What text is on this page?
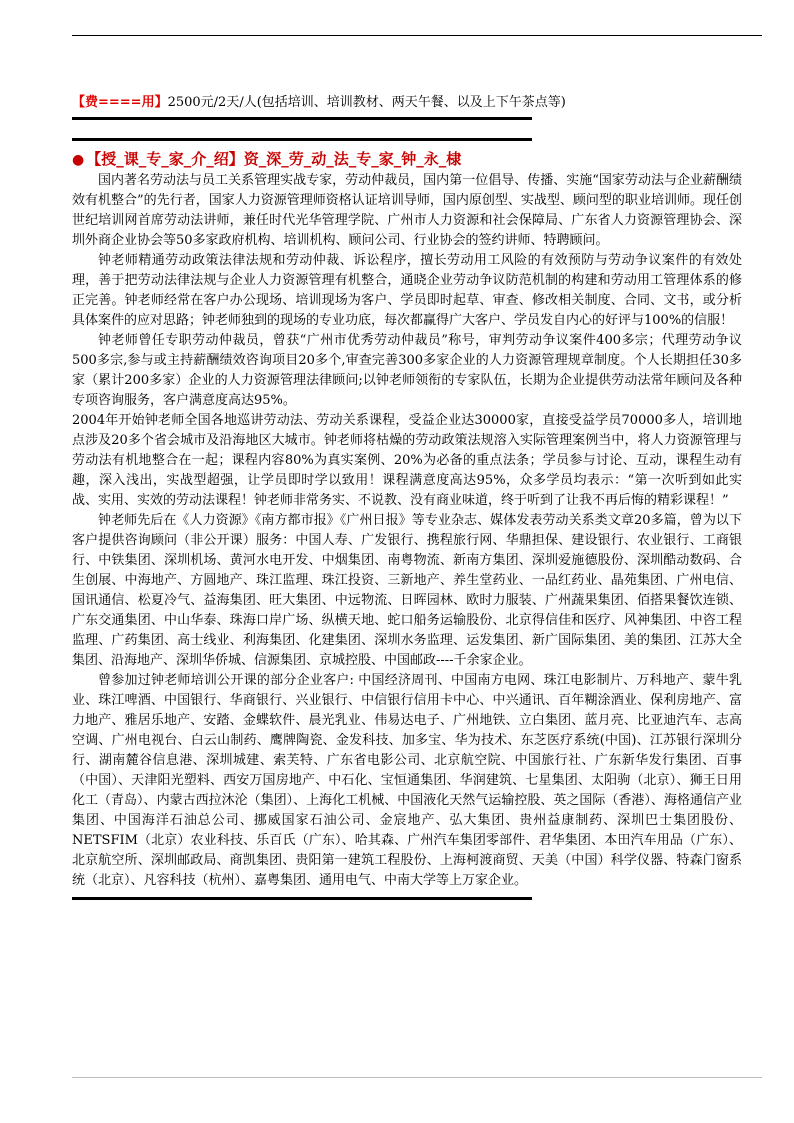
【费====用】2500元/2天/人(包括培训、培训教材、两天午餐、以及上下午茶点等)
● 【授_课_专_家_介_绍】资_深_劳_动_法_专_家_钟_永_棣

国内著名劳动法与员工关系管理实战专家，劳动仲裁员，国内第一位倡导、传播、实施“国家劳动法与企业薪酬绩效有机整合”的先行者，国家人力资源管理师资格认证培训导师，国内原创型、实战型、顾问型的职业培训师。现任创世纪培训网首席劳动法讲师，兼任时代光华管理学院、广州市人力资源和社会保障局、广东省人力资源管理协会、深圳外商企业协会等50多家政府机构、培训机构、顾问公司、行业协会的签约讲师、特聘顾问。

钟老师精通劳动政策法律法规和劳动仲裁、诉讼程序，擅长劳动用工风险的有效预防与劳动争议案件的有效处理，善于把劳动法律法规与企业人力资源管理有机整合，通晓企业劳动争议防范机制的构建和劳动用工管理体系的修正完善。钟老师经常在客户办公现场、培训现场为客户、学员即时起草、审查、修改相关制度、合同、文书，或分析具体案件的应对思路；钟老师独到的现场的专业功底，每次都赢得广大客户、学员发自内心的好评与100%的信服！

钟老师曾任专职劳动仲裁员，曾获“广州市优秀劳动仲裁员”称号，审判劳动争议案件400多宗；代理劳动争议500多宗,参与或主持薪酬绩效咨询项目20多个,审查完善300多家企业的人力资源管理规章制度。个人长期担任30多家（累计200多家）企业的人力资源管理法律顾问;以钟老师领衔的专家队伍，长期为企业提供劳动法常年顾问及各种专项咨询服务，客户满意度高达95%。

2004年开始钟老师全国各地巡讲劳动法、劳动关系课程，受益企业达30000家，直接受益学员70000多人，培训地点涉及20多个省会城市及沿海地区大城市。钟老师将枯燥的劳动政策法规溶入实际管理案例当中，将人力资源管理与劳动法有机地整合在一起；课程内容80%为真实案例、20%为必备的重点法条；学员参与讨论、互动，课程生动有趣，深入浅出，实战型超强，让学员即时学以致用！课程满意度高达95%，众多学员均表示：“第一次听到如此实战、实用、实效的劳动法课程！钟老师非常务实、不说教、没有商业味道，终于听到了让我不再后悔的精彩课程！”

钟老师先后在《人力资源》《南方都市报》《广州日报》等专业杂志、媒体发表劳动关系类文章20多篇，曾为以下客户提供咨询顾问（非公开课）服务：中国人寿、广发银行、携程旅行网、华鼎担保、建设银行、农业银行、工商银行、中铁集团、深圳机场、黄河水电开发、中烟集团、南粤物流、新南方集团、深圳爱施德股份、深圳酷动数码、合生创展、中海地产、方圆地产、珠江监理、珠江投资、三新地产、养生堂药业、一品红药业、晶苑集团、广州电信、国讯通信、松夏冷气、益海集团、旺大集团、中远物流、日晖园林、欧时力服装、广州蔬果集团、佰搭果餐饮连锁、广东交通集团、中山华泰、珠海口岸广场、纵横天地、蛇口船务运输股份、北京得信佳和医疗、风神集团、中咨工程监理、广药集团、高士线业、利海集团、化建集团、深圳水务监理、运发集团、新广国际集团、美的集团、江苏大全集团、沿海地产、深圳华侨城、信源集团、京城控股、中国邮政----千余家企业。

曾参加过钟老师培训公开课的部分企业客户: 中国经济周刊、中国南方电网、珠江电影制片、万科地产、蒙牛乳业、珠江啤酒、中国银行、华商银行、兴业银行、中信银行信用卡中心、中兴通讯、百年糊涂酒业、保利房地产、富力地产、雅居乐地产、安踏、金蝶软件、晨光乳业、伟易达电子、广州地铁、立白集团、蓝月亮、比亚迪汽车、志高空调、广州电视台、白云山制药、鹰牌陶瓷、金发科技、加多宝、华为技术、东芝医疗系统(中国)、江苏银行深圳分行、湖南麓谷信息港、深圳城建、索芙特、广东省电影公司、北京航空院、中国旅行社、广东新华发行集团、百事（中国）、天津阳光塑料、西安万国房地产、中石化、宝恒通集团、华润建筑、七星集团、太阳驹（北京）、狮王日用化工（青岛）、内蒙古西拉沐沦（集团）、上海化工机械、中国液化天然气运输控股、英之国际（香港）、海格通信产业集团、中国海洋石油总公司、挪威国家石油公司、金宸地产、弘大集团、贵州益康制药、深圳巴士集团股份、NETSFIM（北京）农业科技、乐百氏（广东）、哈其森、广州汽车集团零部件、君华集团、本田汽车用品（广东）、北京航空所、深圳邮政局、商凯集团、贵阳第一建筑工程股份、上海柯渡商贸、天美（中国）科学仪器、特森门窗系统（北京）、凡容科技（杭州）、嘉粤集团、通用电气、中南大学等上万家企业。
